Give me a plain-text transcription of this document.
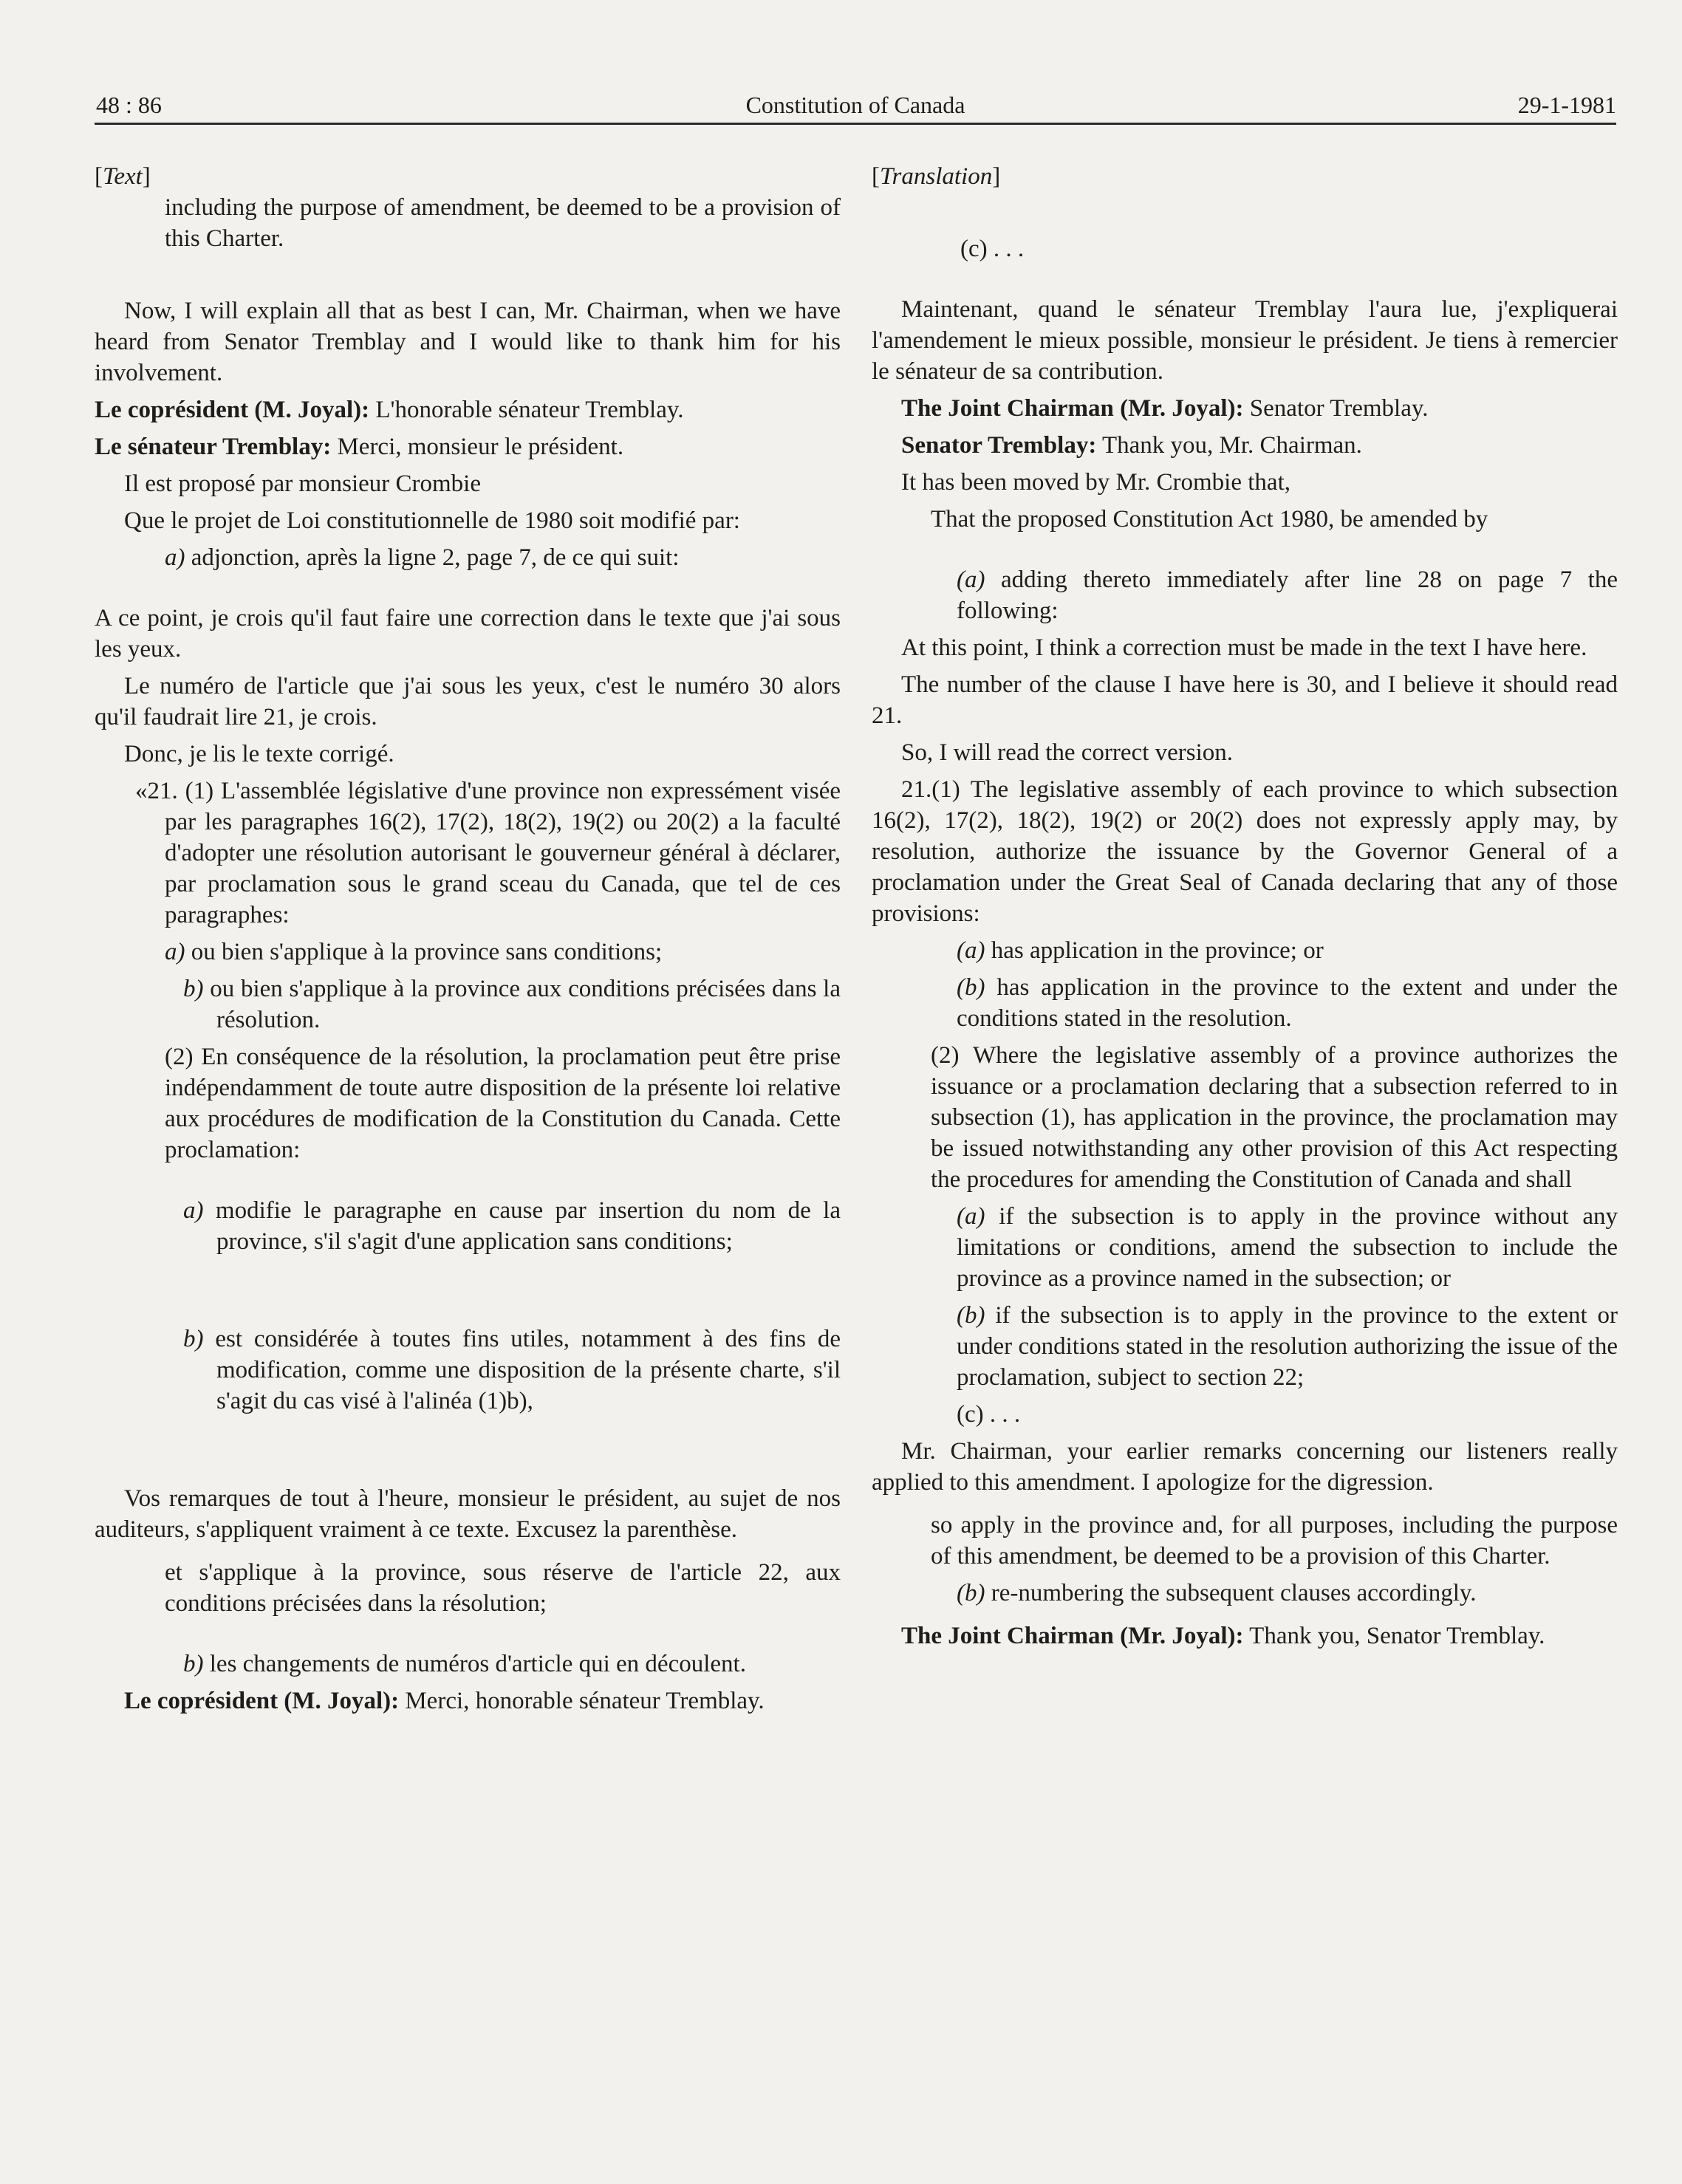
48 : 86	Constitution of Canada	29-1-1981

[Text]

including the purpose of amendment, be deemed to be a provision of this Charter.

Now, I will explain all that as best I can, Mr. Chairman, when we have heard from Senator Tremblay and I would like to thank him for his involvement.

Le coprésident (M. Joyal): L'honorable sénateur Tremblay.

Le sénateur Tremblay: Merci, monsieur le président.

Il est proposé par monsieur Crombie

Que le projet de Loi constitutionnelle de 1980 soit modifié par:

a) adjonction, après la ligne 2, page 7, de ce qui suit:

A ce point, je crois qu'il faut faire une correction dans le texte que j'ai sous les yeux.

Le numéro de l'article que j'ai sous les yeux, c'est le numéro 30 alors qu'il faudrait lire 21, je crois.

Donc, je lis le texte corrigé.

«21. (1) L'assemblée législative d'une province non expressément visée par les paragraphes 16(2), 17(2), 18(2), 19(2) ou 20(2) a la faculté d'adopter une résolution autorisant le gouverneur général à déclarer, par proclamation sous le grand sceau du Canada, que tel de ces paragraphes:

a) ou bien s'applique à la province sans conditions;

b) ou bien s'applique à la province aux conditions précisées dans la résolution.

(2) En conséquence de la résolution, la proclamation peut être prise indépendamment de toute autre disposition de la présente loi relative aux procédures de modification de la Constitution du Canada. Cette proclamation:

a) modifie le paragraphe en cause par insertion du nom de la province, s'il s'agit d'une application sans conditions;

b) est considérée à toutes fins utiles, notamment à des fins de modification, comme une disposition de la présente charte, s'il s'agit du cas visé à l'alinéa (1)b),

Vos remarques de tout à l'heure, monsieur le président, au sujet de nos auditeurs, s'appliquent vraiment à ce texte. Excusez la parenthèse.

et s'applique à la province, sous réserve de l'article 22, aux conditions précisées dans la résolution;

b) les changements de numéros d'article qui en découlent.

Le coprésident (M. Joyal): Merci, honorable sénateur Tremblay.

[Translation]

(c) . . .

Maintenant, quand le sénateur Tremblay l'aura lue, j'expliquerai l'amendement le mieux possible, monsieur le président. Je tiens à remercier le sénateur de sa contribution.

The Joint Chairman (Mr. Joyal): Senator Tremblay.

Senator Tremblay: Thank you, Mr. Chairman.

It has been moved by Mr. Crombie that,

That the proposed Constitution Act 1980, be amended by

(a) adding thereto immediately after line 28 on page 7 the following:

At this point, I think a correction must be made in the text I have here.

The number of the clause I have here is 30, and I believe it should read 21.

So, I will read the correct version.

21.(1) The legislative assembly of each province to which subsection 16(2), 17(2), 18(2), 19(2) or 20(2) does not expressly apply may, by resolution, authorize the issuance by the Governor General of a proclamation under the Great Seal of Canada declaring that any of those provisions:

(a) has application in the province; or

(b) has application in the province to the extent and under the conditions stated in the resolution.

(2) Where the legislative assembly of a province authorizes the issuance or a proclamation declaring that a subsection referred to in subsection (1), has application in the province, the proclamation may be issued notwithstanding any other provision of this Act respecting the procedures for amending the Constitution of Canada and shall

(a) if the subsection is to apply in the province without any limitations or conditions, amend the subsection to include the province as a province named in the subsection; or

(b) if the subsection is to apply in the province to the extent or under conditions stated in the resolution authorizing the issue of the proclamation, subject to section 22;

(c) . . .

Mr. Chairman, your earlier remarks concerning our listeners really applied to this amendment. I apologize for the digression.

so apply in the province and, for all purposes, including the purpose of this amendment, be deemed to be a provision of this Charter.

(b) re-numbering the subsequent clauses accordingly.

The Joint Chairman (Mr. Joyal): Thank you, Senator Tremblay.
